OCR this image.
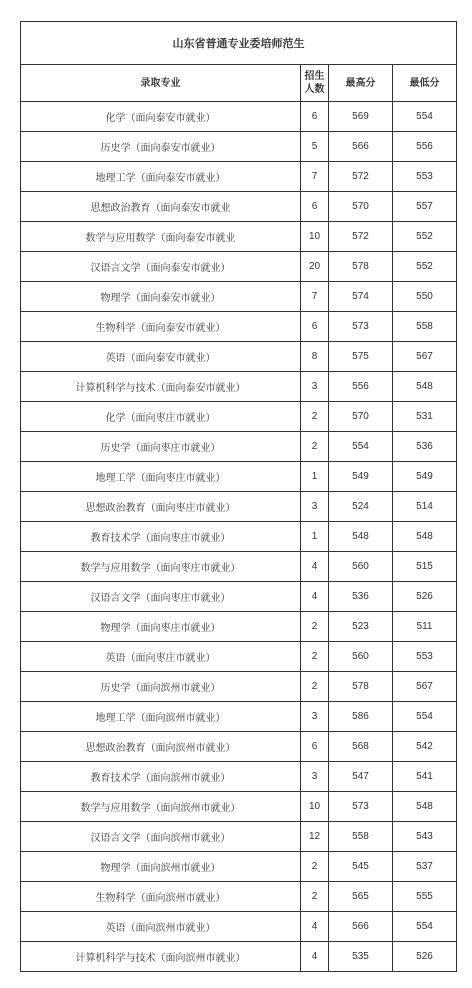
山东省普通专业委培师范生			
录取专业	招生人数	最高分	最低分
化学（面向泰安市就业）	6	569	554
历史学（面向泰安市就业）	5	566	556
地理工学（面向泰安市就业）	7	572	553
思想政治教育（面向泰安市就业	6	570	557
数学与应用数学（面向泰安市就业	10	572	552
汉语言文学（面向泰安市就业）	20	578	552
物理学（面向泰安市就业）	7	574	550
生物科学（面向泰安市就业）	6	573	558
英语（面向泰安市就业）	8	575	567
计算机科学与技术（面向泰安市就业）	3	556	548
化学（面向枣庄市就业）	2	570	531
历史学（面向枣庄市就业）	2	554	536
地理工学（面向枣庄市就业）	1	549	549
思想政治教育（面向枣庄市就业）	3	524	514
教育技术学（面向枣庄市就业）	1	548	548
数学与应用数学（面向枣庄市就业）	4	560	515
汉语言文学（面向枣庄市就业）	4	536	526
物理学（面向枣庄市就业）	2	523	511
英语（面向枣庄市就业）	2	560	553
历史学（面向滨州市就业）	2	578	567
地理工学（面向滨州市就业）	3	586	554
思想政治教育（面向滨州市就业）	6	568	542
教育技术学（面向滨州市就业）	3	547	541
数学与应用数学（面向滨州市就业）	10	573	548
汉语言文学（面向滨州市就业）	12	558	543
物理学（面向滨州市就业）	2	545	537
生物科学（面向滨州市就业）	2	565	555
英语（面向滨州市就业）	4	566	554
计算机科学与技术（面向滨州市就业）	4	535	526
